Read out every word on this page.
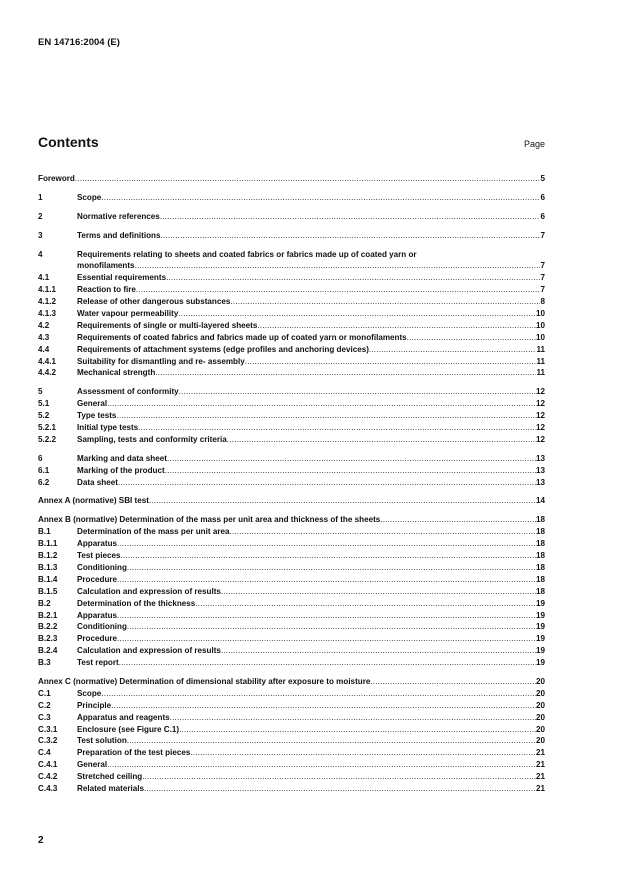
EN 14716:2004 (E)
Contents	Page
Foreword .....	5
1	Scope .....	6
2	Normative references .....	6
3	Terms and definitions .....	7
4	Requirements relating to sheets and coated fabrics or fabrics made up of coated yarn or
monofilaments .....	7
4.1	Essential requirements .....	7
4.1.1	Reaction to fire .....	7
4.1.2	Release of other dangerous substances .....	8
4.1.3	Water vapour permeability .....	10
4.2	Requirements of single or multi-layered sheets .....	10
4.3	Requirements of coated fabrics and fabrics made up of coated yarn or monofilaments .....	10
4.4	Requirements of attachment systems (edge profiles and anchoring devices) .....	11
4.4.1	Suitability for dismantling and re- assembly .....	11
4.4.2	Mechanical strength .....	11
5	Assessment of conformity .....	12
5.1	General .....	12
5.2	Type tests .....	12
5.2.1	Initial type tests .....	12
5.2.2	Sampling, tests and conformity criteria .....	12
6	Marking and data sheet .....	13
6.1	Marking of the product .....	13
6.2	Data sheet .....	13
Annex A (normative) SBI test .....	14
Annex B (normative) Determination of the mass per unit area and thickness of the sheets .....	18
B.1	Determination of the mass per unit area .....	18
B.1.1	Apparatus .....	18
B.1.2	Test pieces .....	18
B.1.3	Conditioning .....	18
B.1.4	Procedure .....	18
B.1.5	Calculation and expression of results .....	18
B.2	Determination of the thickness .....	19
B.2.1	Apparatus .....	19
B.2.2	Conditioning .....	19
B.2.3	Procedure .....	19
B.2.4	Calculation and expression of results .....	19
B.3	Test report .....	19
Annex C (normative) Determination of dimensional stability after exposure to moisture .....	20
C.1	Scope .....	20
C.2	Principle .....	20
C.3	Apparatus and reagents .....	20
C.3.1	Enclosure (see Figure C.1) .....	20
C.3.2	Test solution .....	20
C.4	Preparation of the test pieces .....	21
C.4.1	General .....	21
C.4.2	Stretched ceiling .....	21
C.4.3	Related materials .....	21
2
